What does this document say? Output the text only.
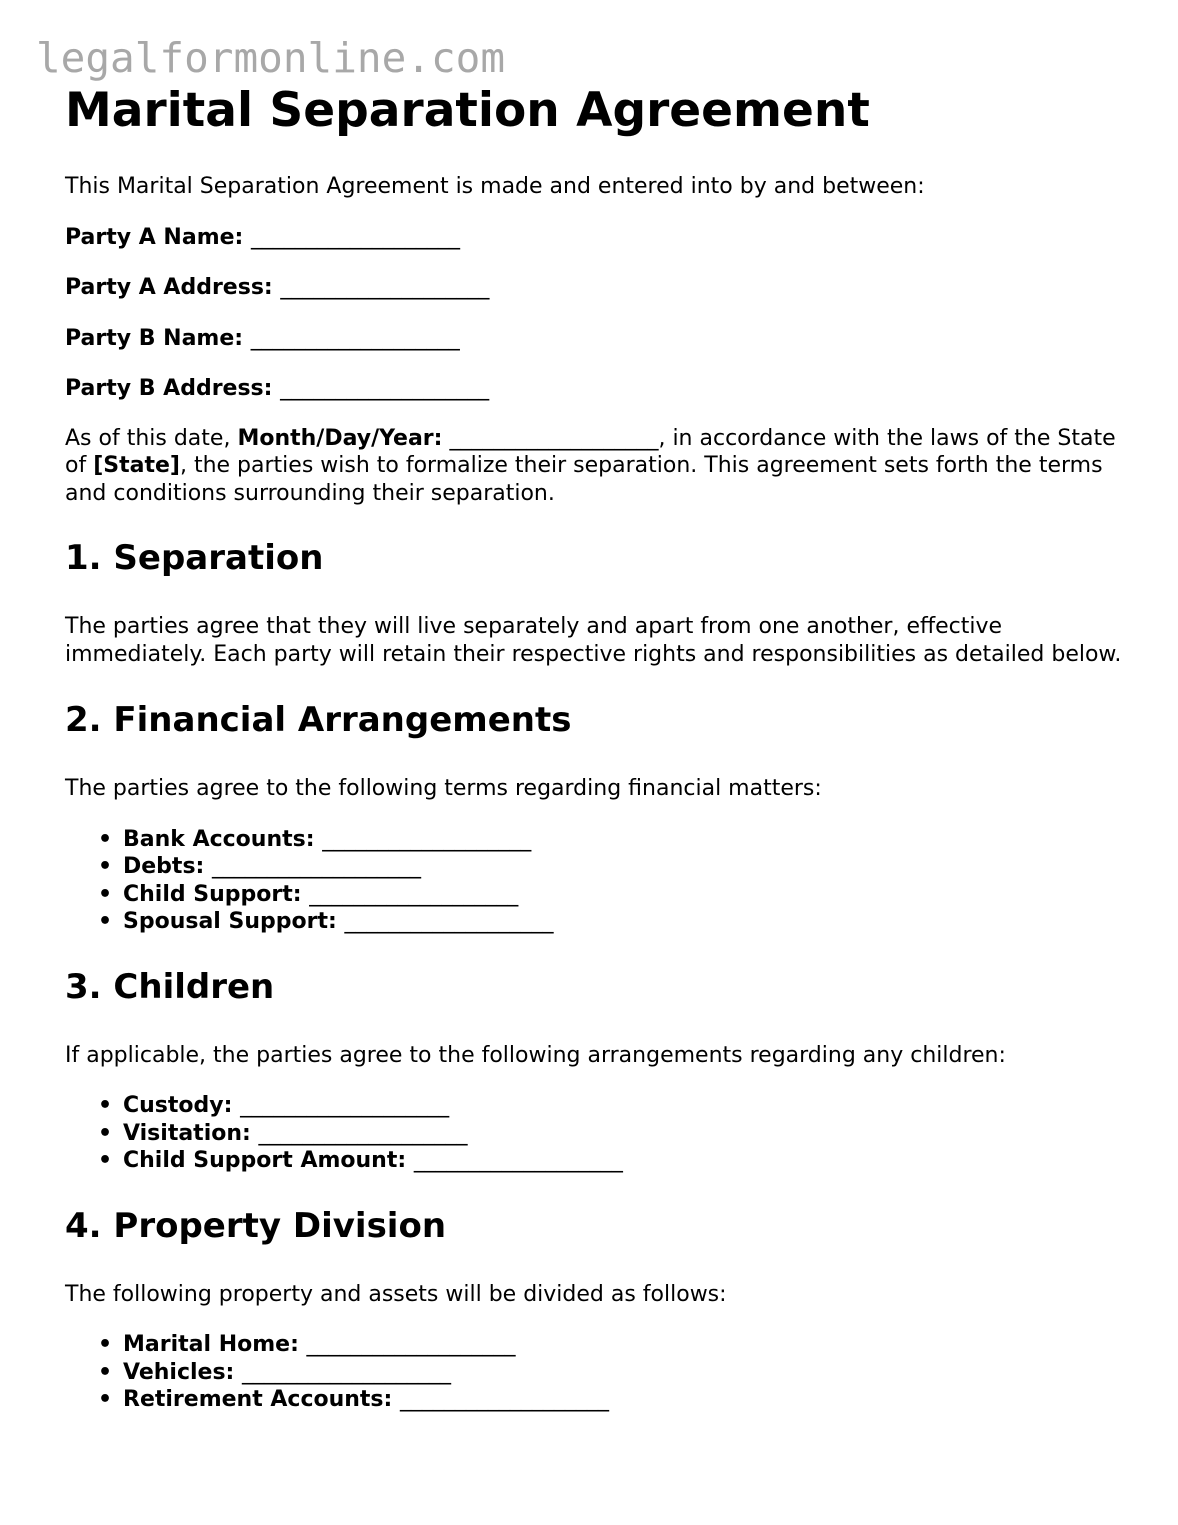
legalformonline.com
Marital Separation Agreement

This Marital Separation Agreement is made and entered into by and between:

Party A Name: ___________________

Party A Address: ___________________

Party B Name: ___________________

Party B Address: ___________________

As of this date, Month/Day/Year: ___________________, in accordance with the laws of the State of [State], the parties wish to formalize their separation. This agreement sets forth the terms and conditions surrounding their separation.

1. Separation

The parties agree that they will live separately and apart from one another, effective immediately. Each party will retain their respective rights and responsibilities as detailed below.

2. Financial Arrangements

The parties agree to the following terms regarding financial matters:

• Bank Accounts: ___________________
• Debts: ___________________
• Child Support: ___________________
• Spousal Support: ___________________
3. Children

If applicable, the parties agree to the following arrangements regarding any children:

• Custody: ___________________
• Visitation: ___________________
• Child Support Amount: ___________________
4. Property Division

The following property and assets will be divided as follows:

• Marital Home: ___________________
• Vehicles: ___________________
• Retirement Accounts: ___________________
